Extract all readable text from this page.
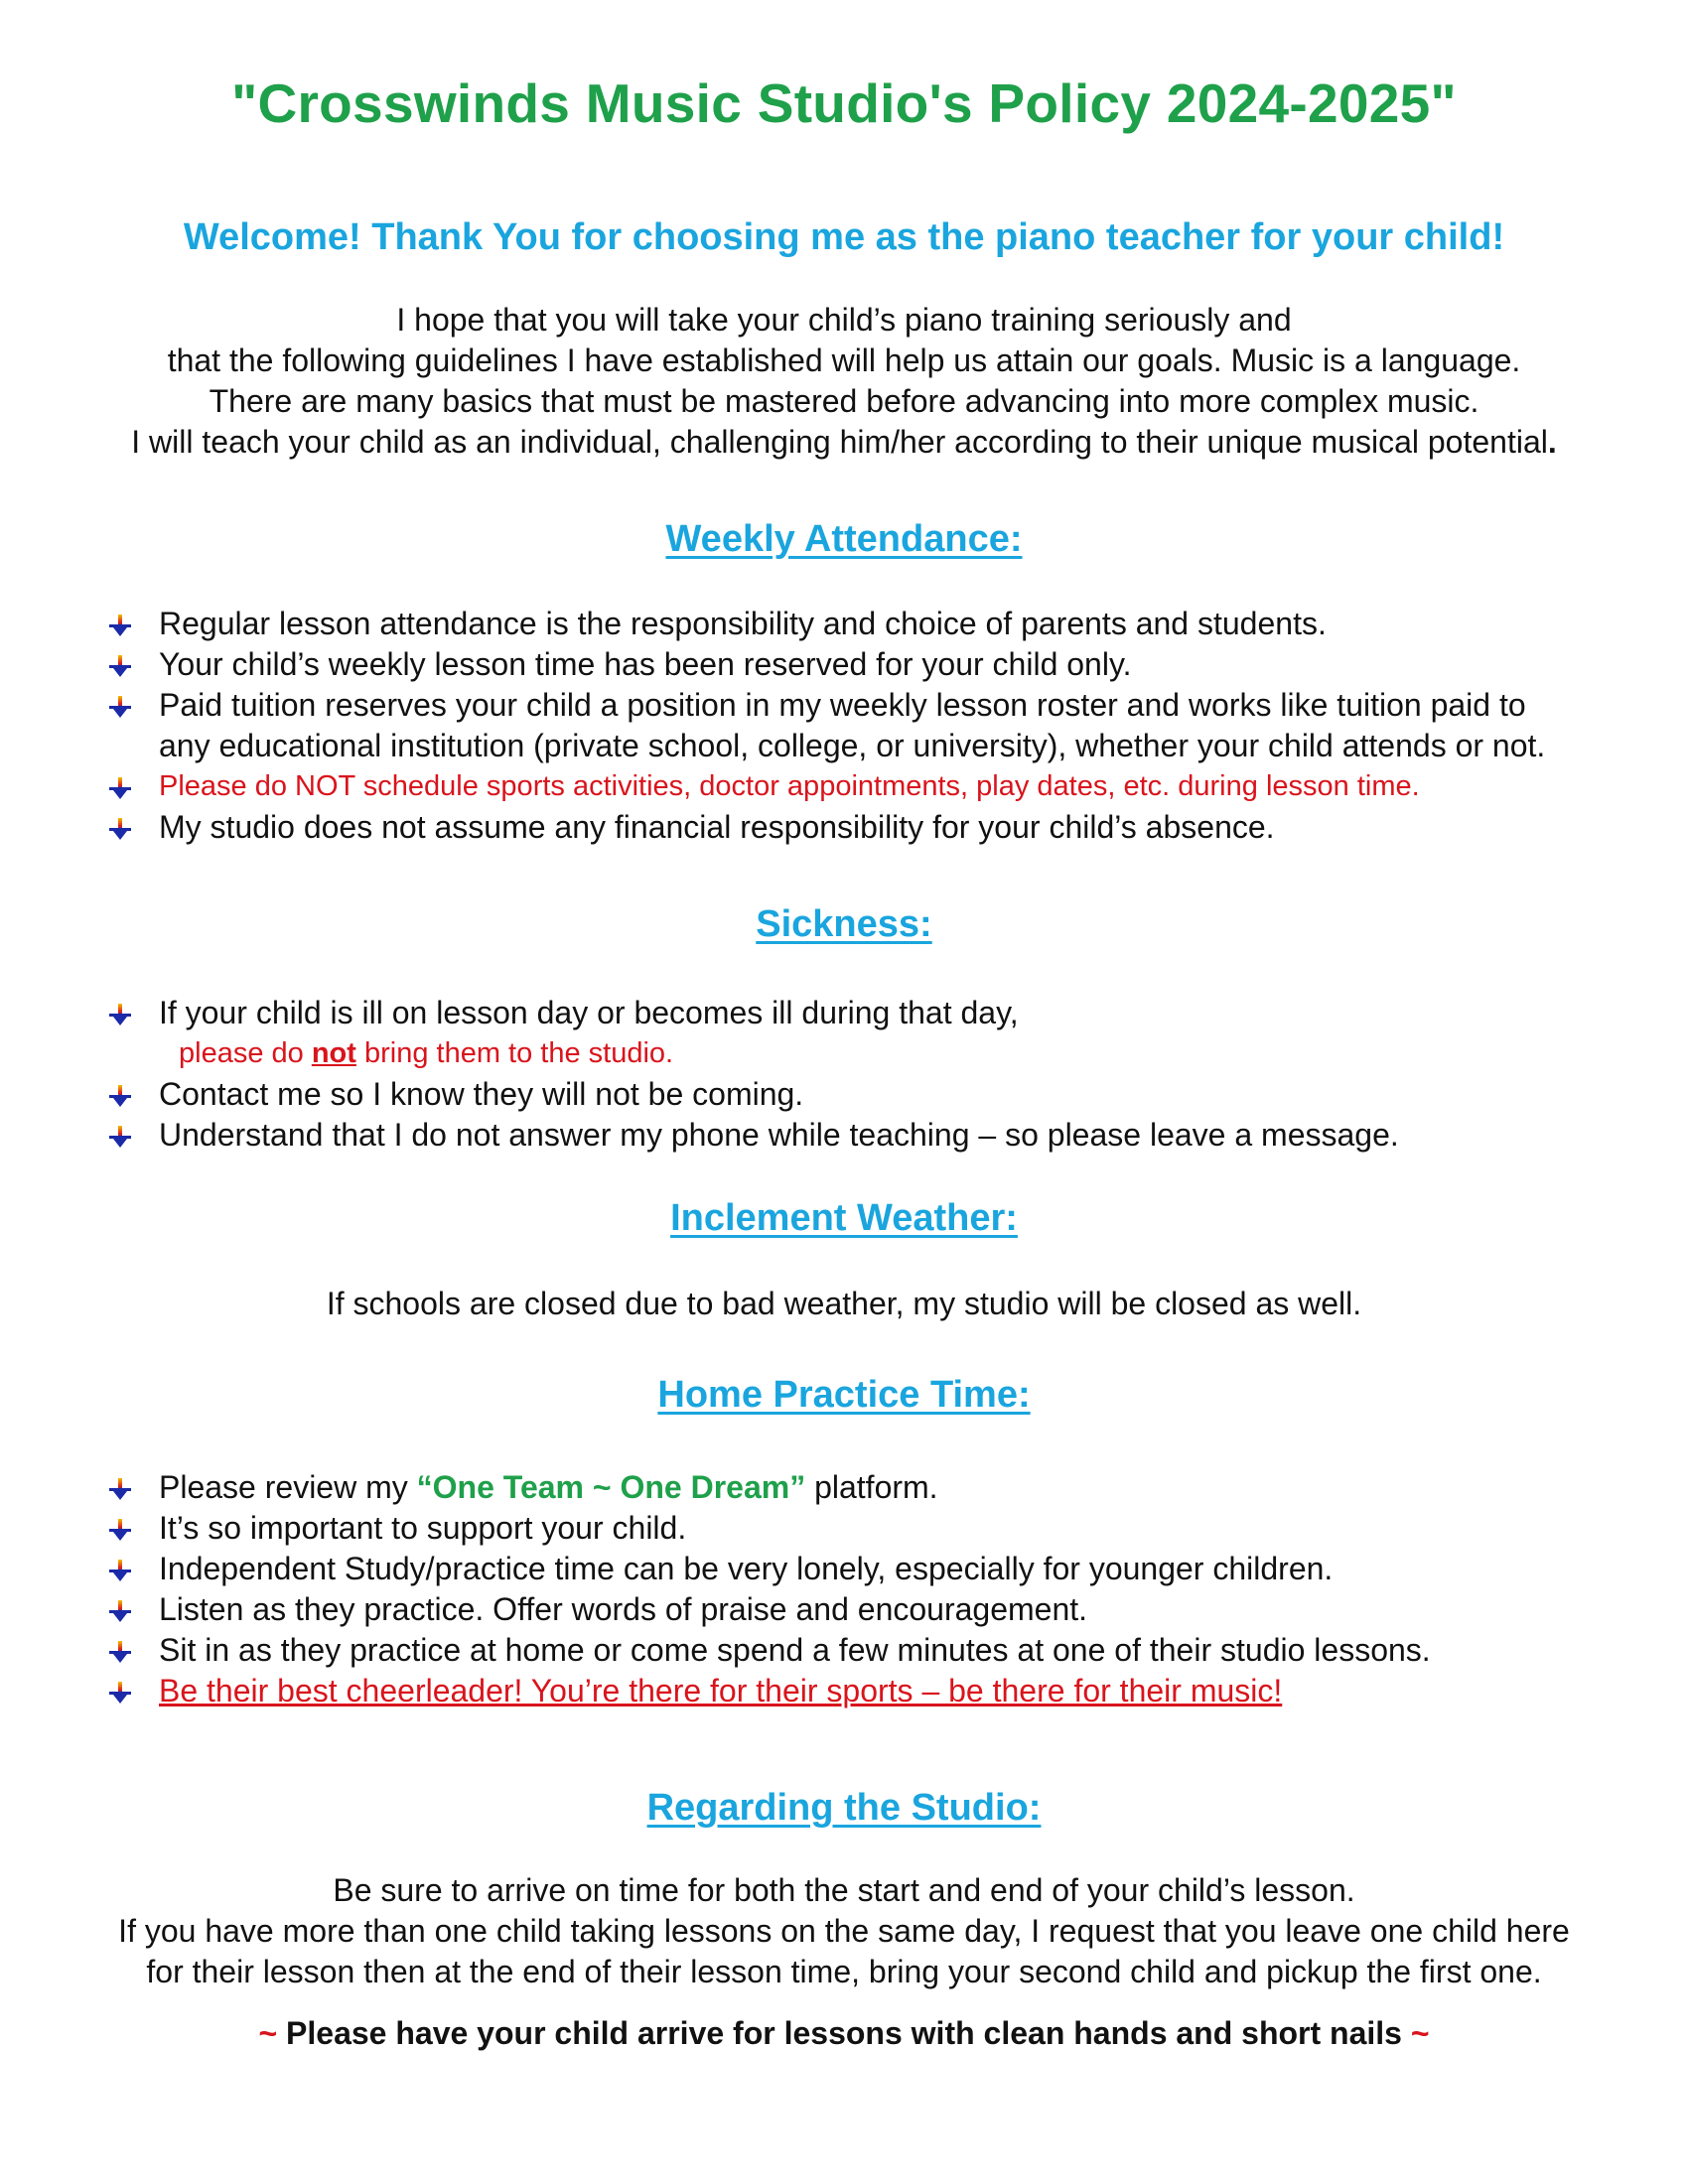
"Crosswinds Music Studio's Policy 2024-2025"
Welcome! Thank You for choosing me as the piano teacher for your child!
I hope that you will take your child’s piano training seriously and
that the following guidelines I have established will help us attain our goals. Music is a language.
There are many basics that must be mastered before advancing into more complex music.
I will teach your child as an individual, challenging him/her according to their unique musical potential.
Weekly Attendance:
Regular lesson attendance is the responsibility and choice of parents and students.
Your child’s weekly lesson time has been reserved for your child only.
Paid tuition reserves your child a position in my weekly lesson roster and works like tuition paid to
any educational institution (private school, college, or university), whether your child attends or not.
Please do NOT schedule sports activities, doctor appointments, play dates, etc. during lesson time.
My studio does not assume any financial responsibility for your child’s absence.
Sickness:
If your child is ill on lesson day or becomes ill during that day,
please do not bring them to the studio.
Contact me so I know they will not be coming.
Understand that I do not answer my phone while teaching – so please leave a message.
Inclement Weather:
If schools are closed due to bad weather, my studio will be closed as well.
Home Practice Time:
Please review my “One Team ~ One Dream” platform.
It’s so important to support your child.
Independent Study/practice time can be very lonely, especially for younger children.
Listen as they practice. Offer words of praise and encouragement.
Sit in as they practice at home or come spend a few minutes at one of their studio lessons.
Be their best cheerleader! You’re there for their sports – be there for their music!
Regarding the Studio:
Be sure to arrive on time for both the start and end of your child’s lesson.
If you have more than one child taking lessons on the same day, I request that you leave one child here
for their lesson then at the end of their lesson time, bring your second child and pickup the first one.
~ Please have your child arrive for lessons with clean hands and short nails ~
